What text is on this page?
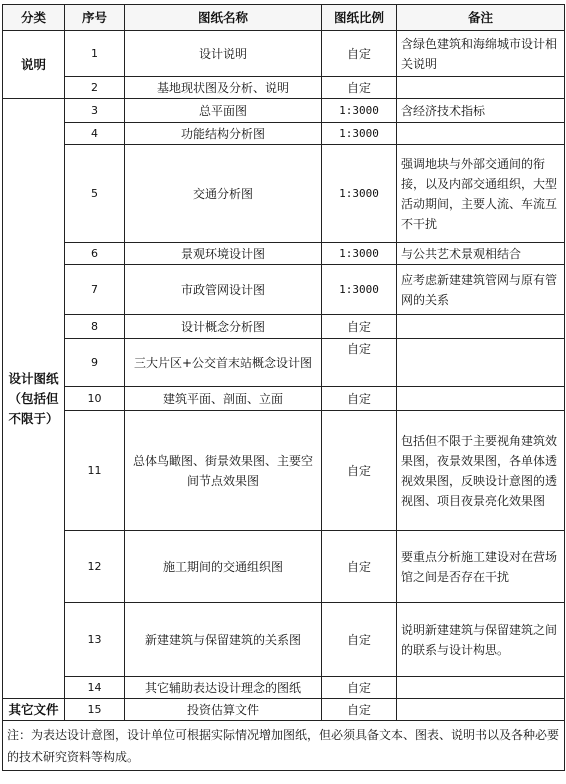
分类	序号	图纸名称	图纸比例	备注
说明	1	设计说明	自定	含绿色建筑和海绵城市设计相关说明
	2	基地现状图及分析、说明	自定	
设计图纸（包括但不限于）	3	总平面图	1:3000	含经济技术指标
	4	功能结构分析图	1:3000	
	5	交通分析图	1:3000	强调地块与外部交通间的衔接，以及内部交通组织，大型活动期间，主要人流、车流互不干扰
	6	景观环境设计图	1:3000	与公共艺术景观相结合
	7	市政管网设计图	1:3000	应考虑新建建筑管网与原有管网的关系
	8	设计概念分析图	自定	
	9	三大片区+公交首末站概念设计图	自定	
	10	建筑平面、剖面、立面	自定	
	11	总体鸟瞰图、街景效果图、主要空间节点效果图	自定	包括但不限于主要视角建筑效果图，夜景效果图，各单体透视效果图，反映设计意图的透视图、项目夜景亮化效果图
	12	施工期间的交通组织图	自定	要重点分析施工建设对在营场馆之间是否存在干扰
	13	新建建筑与保留建筑的关系图	自定	说明新建建筑与保留建筑之间的联系与设计构思。
	14	其它辅助表达设计理念的图纸	自定	
其它文件	15	投资估算文件	自定	
注：为表达设计意图，设计单位可根据实际情况增加图纸，但必须具备文本、图表、说明书以及各种必要的技术研究资料等构成。				
